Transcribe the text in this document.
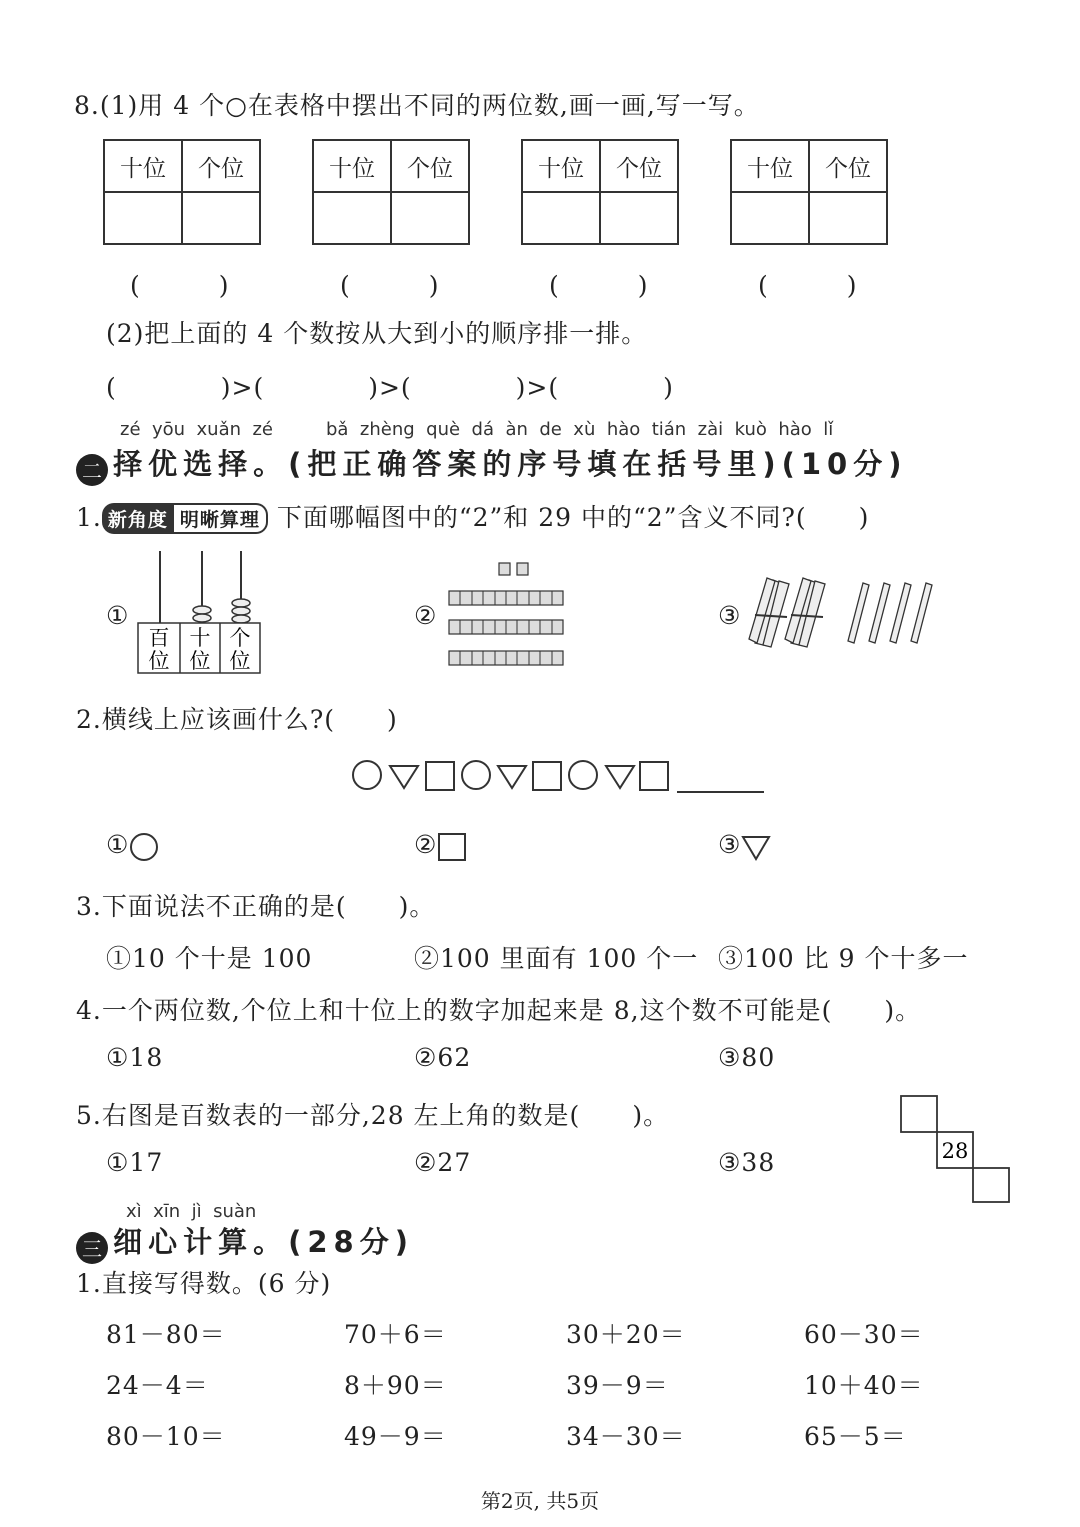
8.(1)用 4 个○在表格中摆出不同的两位数,画一画,写一写。
十位	个位	十位	个位	十位	个位	十位	个位
(　　　)	(　　　)	(　　　)	(　　　)
(2)把上面的 4 个数按从大到小的顺序排一排。
(　　　　)>(　　　　)>(　　　　)>(　　　　)
zé yōu xuǎn zé	bǎ zhèng què dá àn de xù hào tián zài kuò hào lǐ
二 择优选择。(把正确答案的序号填在括号里)(10分)
1. 新角度 明晰算理 下面哪幅图中的“2”和 29 中的“2”含义不同?(　　)
①
百
位
十
位
个
位
②	③
2.横线上应该画什么?(　　)
①	②	③
3.下面说法不正确的是(　　)。
①10 个十是 100	②100 里面有 100 个一 ③100 比 9 个十多一
4.一个两位数,个位上和十位上的数字加起来是 8,这个数不可能是(　　)。
①18	②62	③80
5.右图是百数表的一部分,28 左上角的数是(　　)。
①17	②27	③38	28
xì xīn jì suàn
三 细心计算。(28分)
1.直接写得数。(6 分)
81－80＝	70＋6＝	30＋20＝	60－30＝
24－4＝	8＋90＝	39－9＝	10＋40＝
80－10＝	49－9＝	34－30＝	65－5＝
第2页, 共5页
